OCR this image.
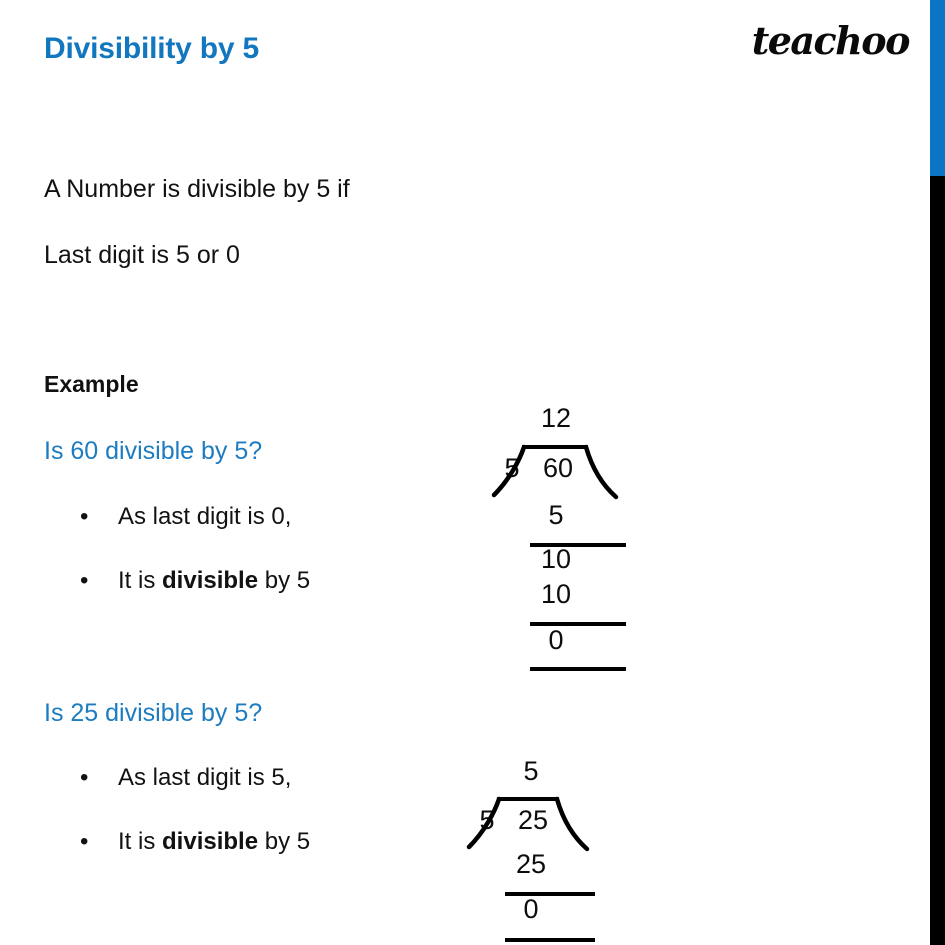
Divisibility by 5	teachoo
A Number is divisible by 5 if
Last digit is 5 or 0
Example
Is 60 divisible by 5?
•	As last digit is 0,
•	It is divisible by 5
12
5 60
5
10
10
0
Is 25 divisible by 5?
•	As last digit is 5,
•	It is divisible by 5
5
5 25
25
0
